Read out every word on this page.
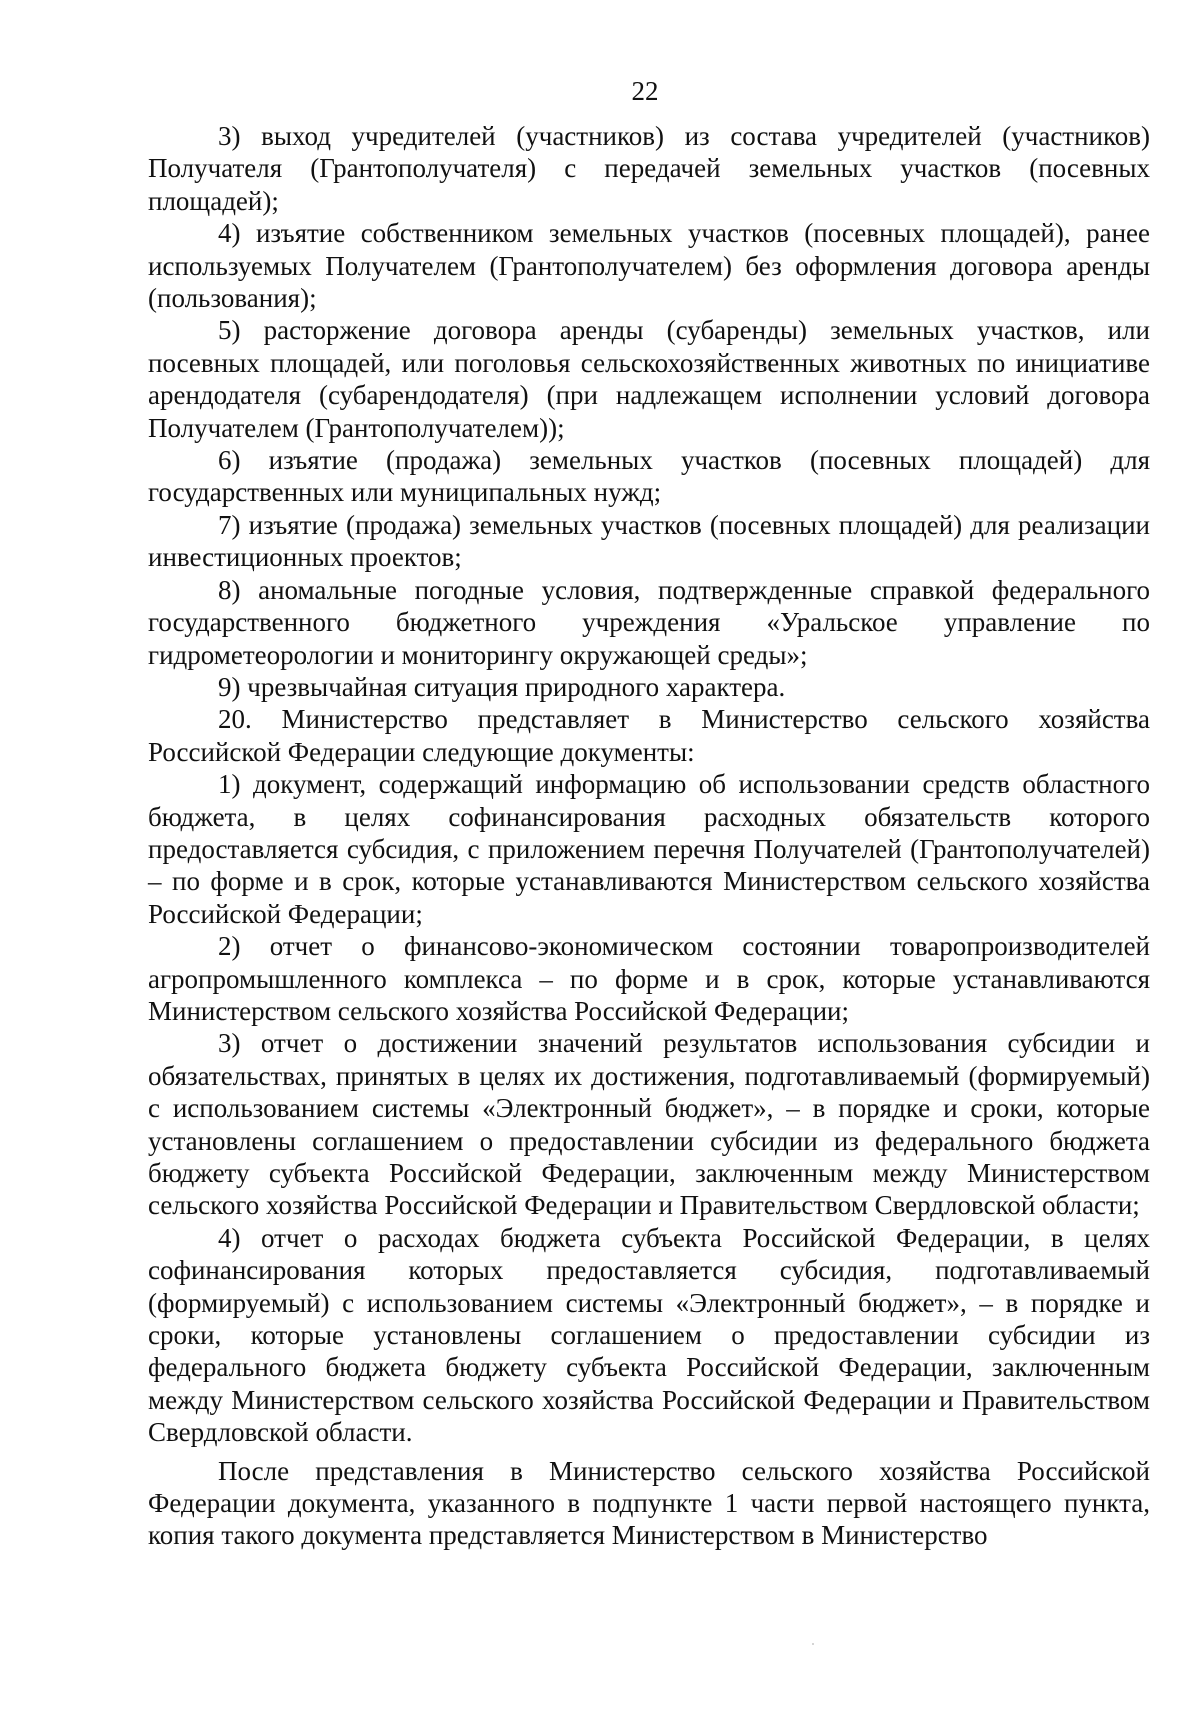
22

3) выход учредителей (участников) из состава учредителей (участников) Получателя (Грантополучателя) с передачей земельных участков (посевных площадей);

4) изъятие собственником земельных участков (посевных площадей), ранее используемых Получателем (Грантополучателем) без оформления договора аренды (пользования);

5) расторжение договора аренды (субаренды) земельных участков, или посевных площадей, или поголовья сельскохозяйственных животных по инициативе арендодателя (субарендодателя) (при надлежащем исполнении условий договора Получателем (Грантополучателем));

6) изъятие (продажа) земельных участков (посевных площадей) для государственных или муниципальных нужд;

7) изъятие (продажа) земельных участков (посевных площадей) для реализации инвестиционных проектов;

8) аномальные погодные условия, подтвержденные справкой федерального государственного бюджетного учреждения «Уральское управление по гидрометеорологии и мониторингу окружающей среды»;

9) чрезвычайная ситуация природного характера.

20. Министерство представляет в Министерство сельского хозяйства Российской Федерации следующие документы:

1) документ, содержащий информацию об использовании средств областного бюджета, в целях софинансирования расходных обязательств которого предоставляется субсидия, с приложением перечня Получателей (Грантополучателей) – по форме и в срок, которые устанавливаются Министерством сельского хозяйства Российской Федерации;

2) отчет о финансово-экономическом состоянии товаропроизводителей агропромышленного комплекса – по форме и в срок, которые устанавливаются Министерством сельского хозяйства Российской Федерации;

3) отчет о достижении значений результатов использования субсидии и обязательствах, принятых в целях их достижения, подготавливаемый (формируемый) с использованием системы «Электронный бюджет», – в порядке и сроки, которые установлены соглашением о предоставлении субсидии из федерального бюджета бюджету субъекта Российской Федерации, заключенным между Министерством сельского хозяйства Российской Федерации и Правительством Свердловской области;

4) отчет о расходах бюджета субъекта Российской Федерации, в целях софинансирования которых предоставляется субсидия, подготавливаемый (формируемый) с использованием системы «Электронный бюджет», – в порядке и сроки, которые установлены соглашением о предоставлении субсидии из федерального бюджета бюджету субъекта Российской Федерации, заключенным между Министерством сельского хозяйства Российской Федерации и Правительством Свердловской области.

После представления в Министерство сельского хозяйства Российской Федерации документа, указанного в подпункте 1 части первой настоящего пункта, копия такого документа представляется Министерством в Министерство
